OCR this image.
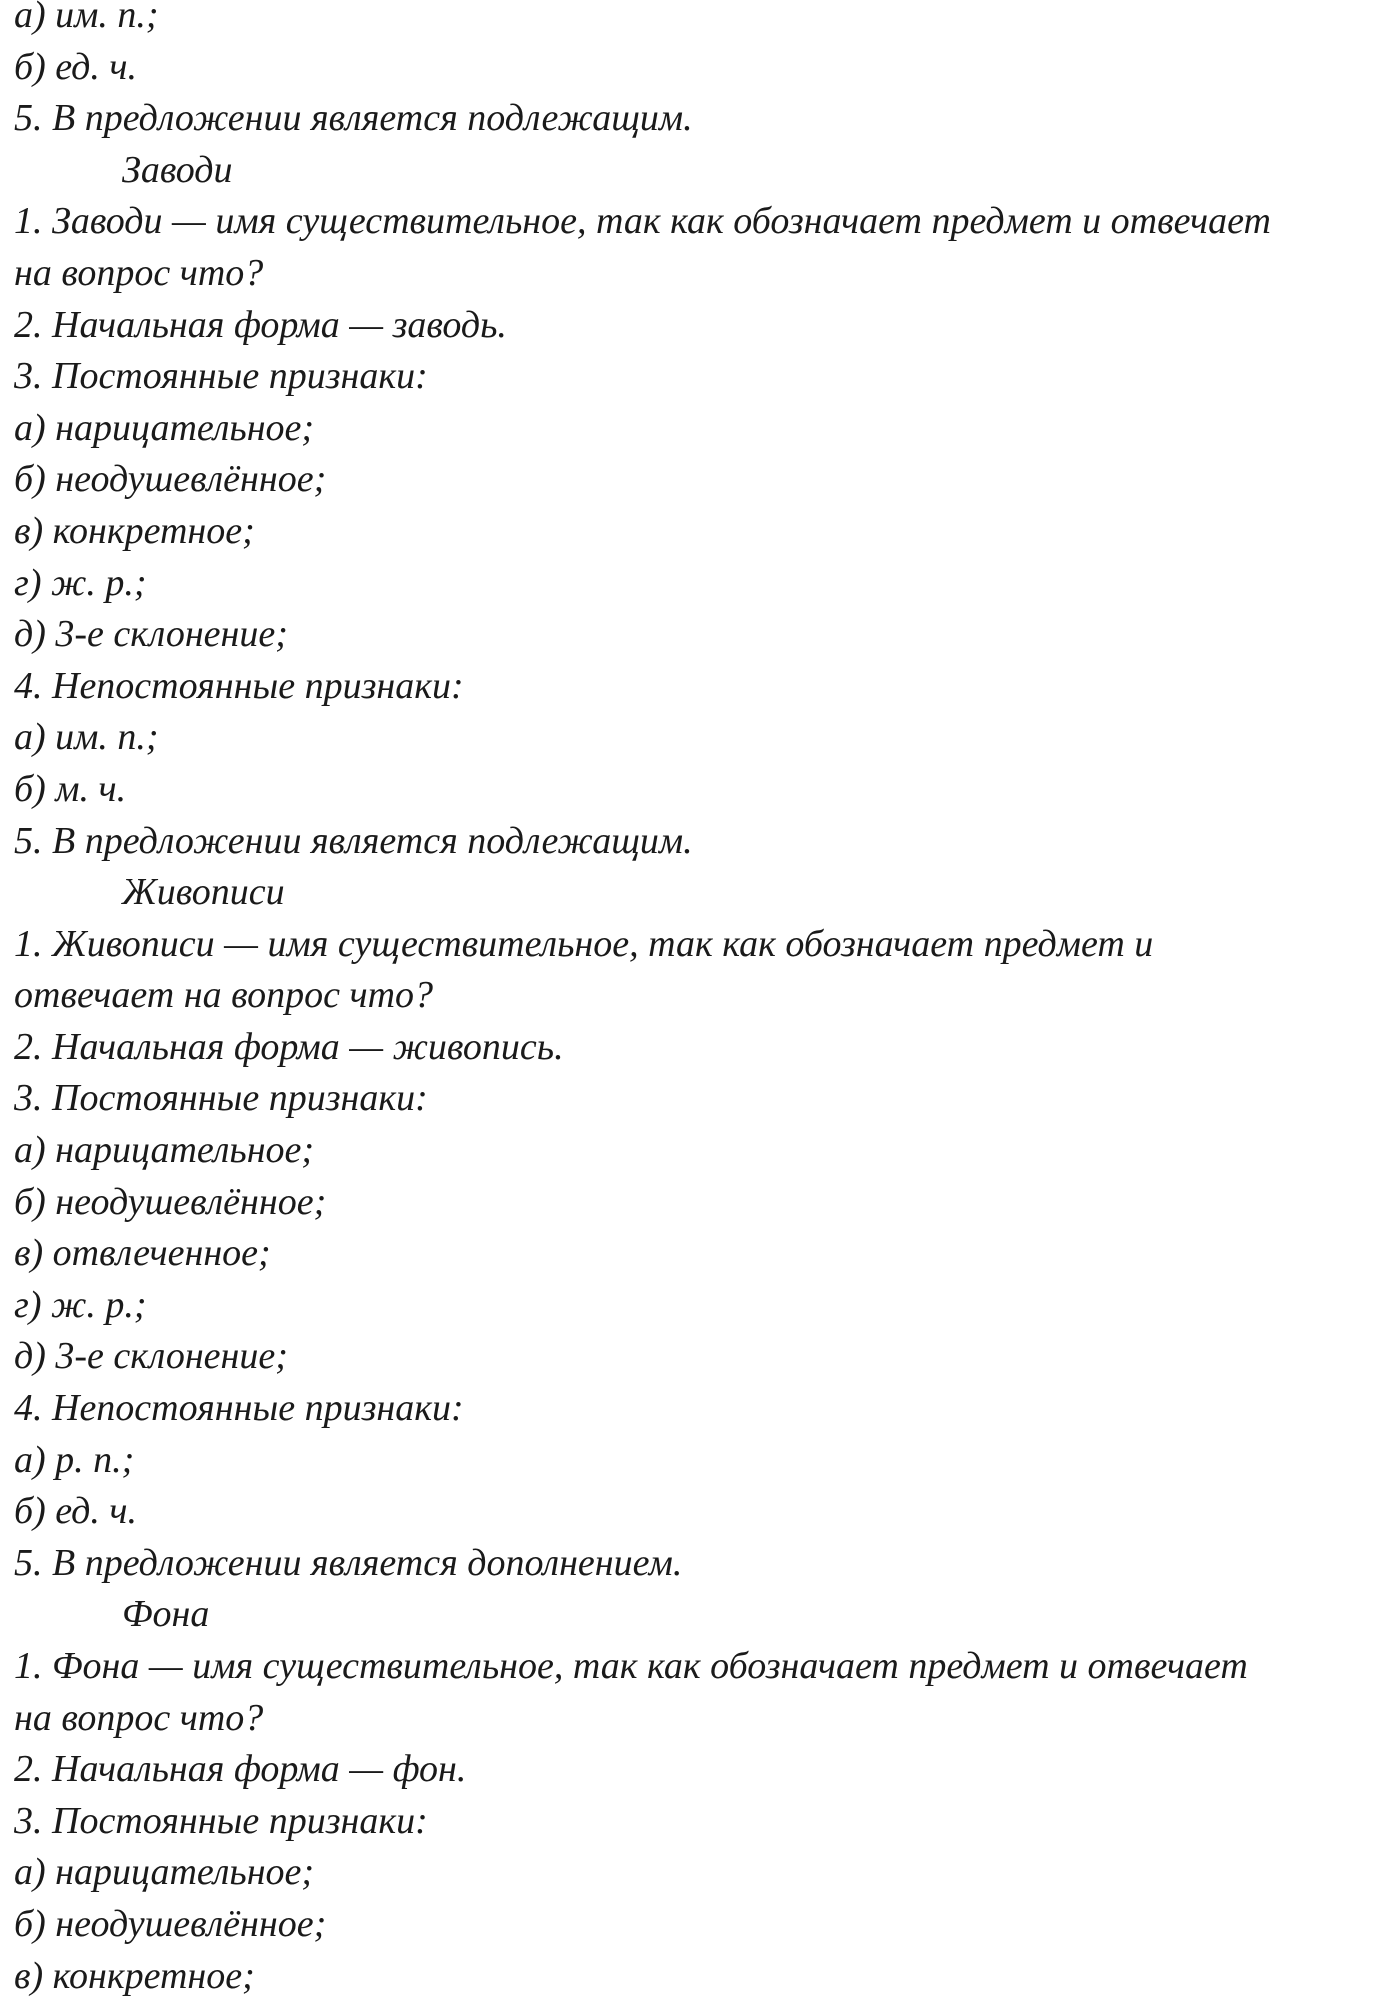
а) им. п.;

б) ед. ч.

5. В предложении является подлежащим.

Заводи

1. Заводи — имя существительное, так как обозначает предмет и отвечает

на вопрос что?

2. Начальная форма — заводь.

3. Постоянные признаки:

а) нарицательное;

б) неодушевлённое;

в) конкретное;

г) ж. р.;

д) 3-е склонение;

4. Непостоянные признаки:

а) им. п.;

б) м. ч.

5. В предложении является подлежащим.

Живописи

1. Живописи — имя существительное, так как обозначает предмет и

отвечает на вопрос что?

2. Начальная форма — живопись.

3. Постоянные признаки:

а) нарицательное;

б) неодушевлённое;

в) отвлеченное;

г) ж. р.;

д) 3-е склонение;

4. Непостоянные признаки:

а) р. п.;

б) ед. ч.

5. В предложении является дополнением.

Фона

1. Фона — имя существительное, так как обозначает предмет и отвечает

на вопрос что?

2. Начальная форма — фон.

3. Постоянные признаки:

а) нарицательное;

б) неодушевлённое;

в) конкретное;
